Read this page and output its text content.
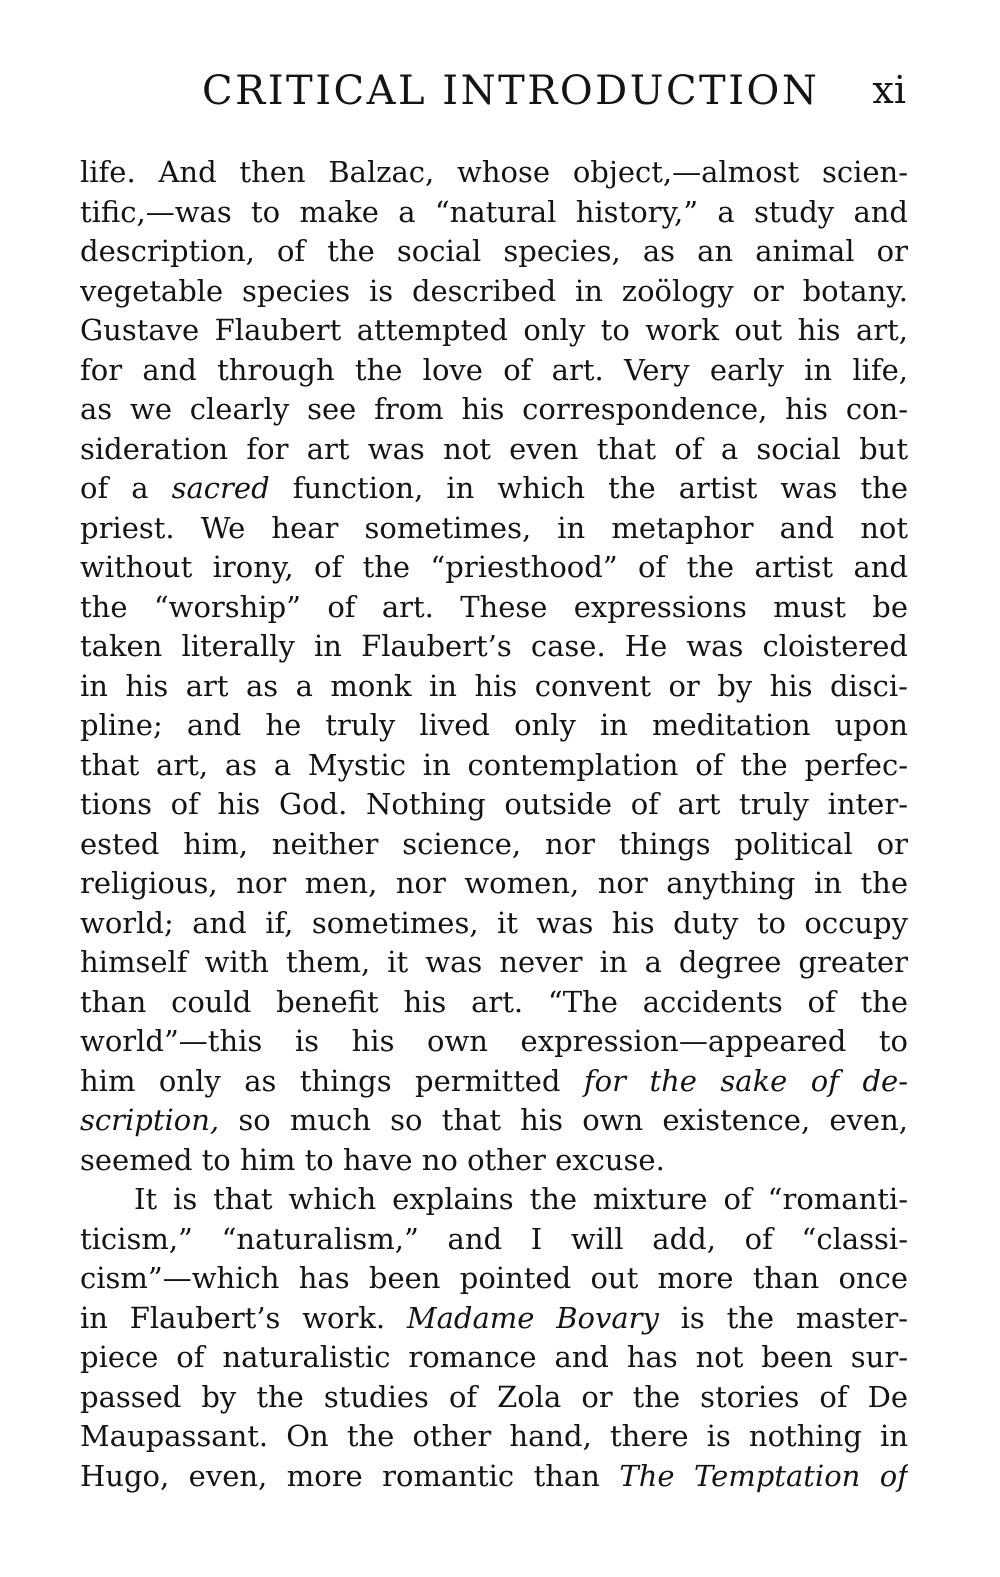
CRITICAL INTRODUCTION xi
life. And then Balzac, whose object,—almost scien-
tific,—was to make a “natural history,” a study and
description, of the social species, as an animal or
vegetable species is described in zoölogy or botany.
Gustave Flaubert attempted only to work out his art,
for and through the love of art. Very early in life,
as we clearly see from his correspondence, his con-
sideration for art was not even that of a social but
of a sacred function, in which the artist was the
priest. We hear sometimes, in metaphor and not
without irony, of the “priesthood” of the artist and
the “worship” of art. These expressions must be
taken literally in Flaubert’s case. He was cloistered
in his art as a monk in his convent or by his disci-
pline; and he truly lived only in meditation upon
that art, as a Mystic in contemplation of the perfec-
tions of his God. Nothing outside of art truly inter-
ested him, neither science, nor things political or
religious, nor men, nor women, nor anything in the
world; and if, sometimes, it was his duty to occupy
himself with them, it was never in a degree greater
than could benefit his art. “The accidents of the
world”—this is his own expression—appeared to
him only as things permitted for the sake of de-
scription, so much so that his own existence, even,
seemed to him to have no other excuse.
It is that which explains the mixture of “romanti-
ticism,” “naturalism,” and I will add, of “classi-
cism”—which has been pointed out more than once
in Flaubert’s work. Madame Bovary is the master-
piece of naturalistic romance and has not been sur-
passed by the studies of Zola or the stories of De
Maupassant. On the other hand, there is nothing in
Hugo, even, more romantic than The Temptation of
